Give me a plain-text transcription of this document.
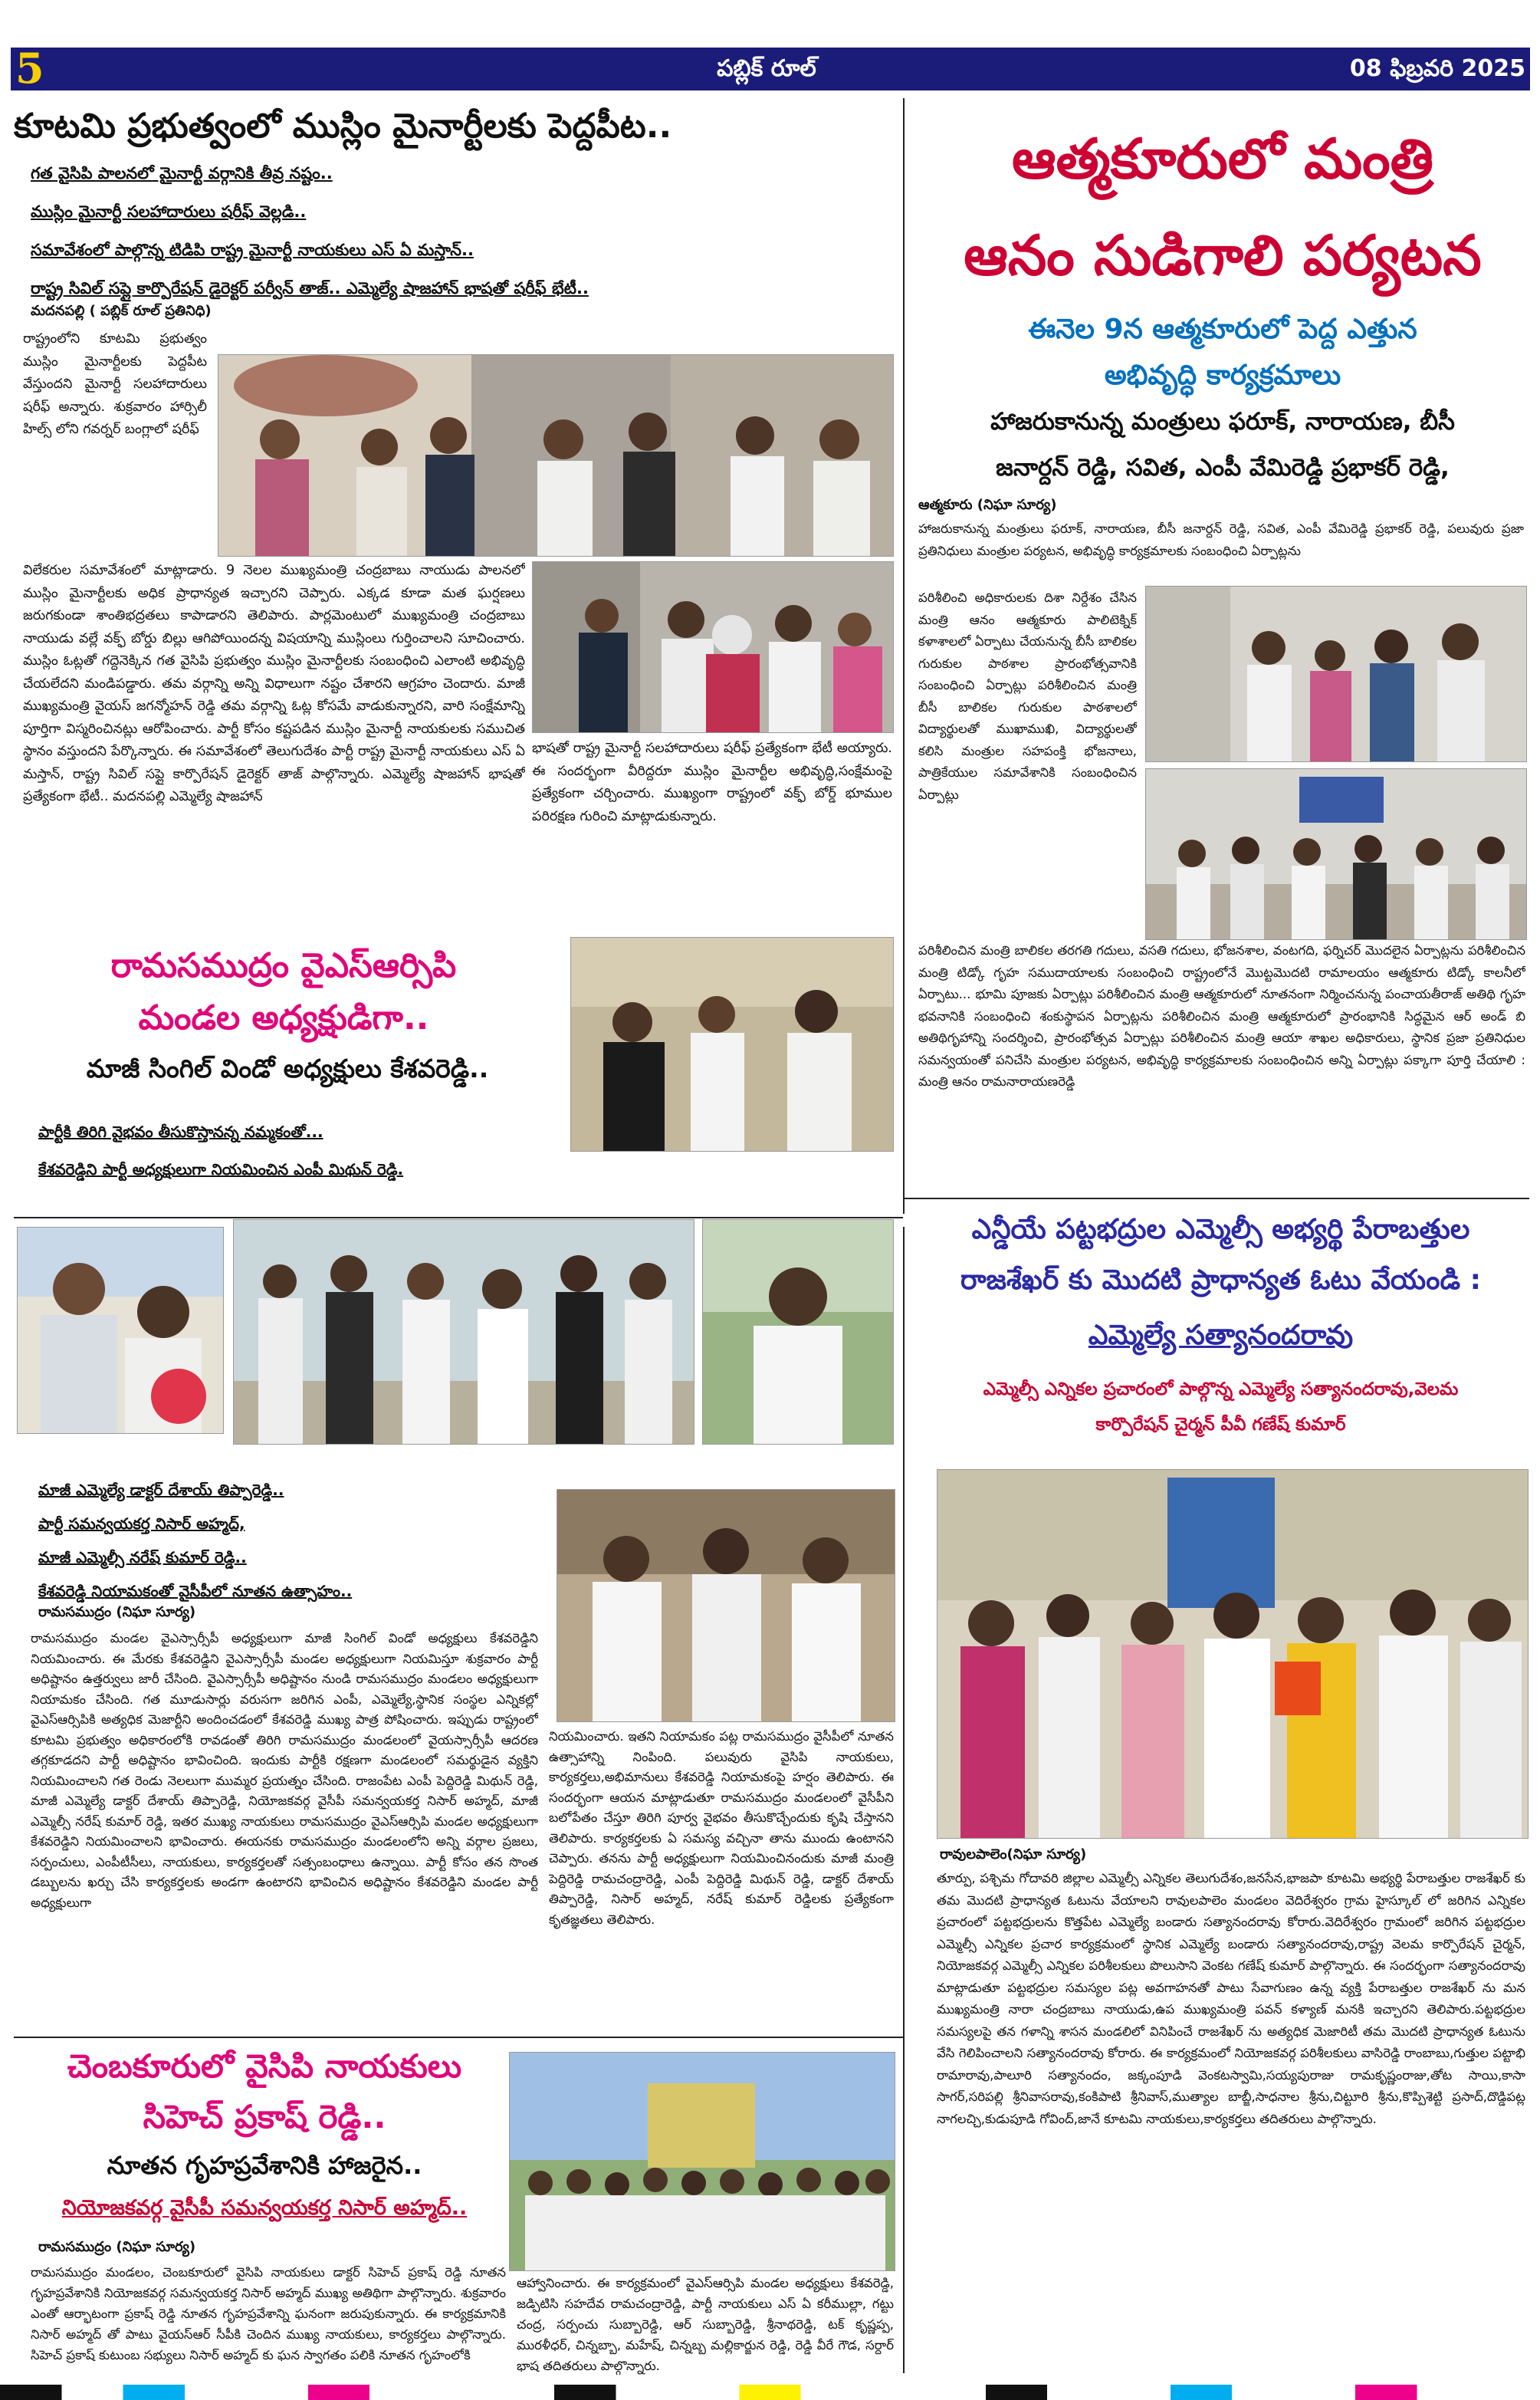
5	పబ్లిక్ రూల్	08 ఫిబ్రవరి 2025
కూటమి ప్రభుత్వంలో ముస్లిం మైనార్టీలకు పెద్దపీట..

గత వైసిపి పాలనలో మైనార్టీ వర్గానికి తీవ్ర నష్టం..

ముస్లిం మైనార్టీ సలహాదారులు షరీఫ్ వెల్లడి..

సమావేశంలో పాల్గొన్న టిడిపి రాష్ట్ర మైనార్టీ నాయకులు ఎస్ ఏ మస్తాన్..

రాష్ట్ర సివిల్ సప్లై కార్పొరేషన్ డైరెక్టర్ పర్వీన్ తాజ్.. ఎమ్మెల్యే షాజహాన్ భాషతో షరీఫ్ భేటీ..

మదనపల్లి ( పబ్లిక్ రూల్ ప్రతినిధి)

రాష్ట్రంలోని కూటమి ప్రభుత్వం ముస్లిం మైనార్టీలకు పెద్దపీట వేస్తుందని మైనార్టీ సలహాదారులు షరీఫ్ అన్నారు. శుక్రవారం హార్సిలీ హిల్స్ లోని గవర్నర్ బంగ్లాలో షరీఫ్

విలేకరుల సమావేశంలో మాట్లాడారు. 9 నెలల ముఖ్యమంత్రి చంద్రబాబు నాయుడు పాలనలో ముస్లిం మైనార్టీలకు అధిక ప్రాధాన్యత ఇచ్చారని చెప్పారు. ఎక్కడ కూడా మత ఘర్షణలు జరుగకుండా శాంతిభద్రతలు కాపాడారని తెలిపారు. పార్లమెంటులో ముఖ్యమంత్రి చంద్రబాబు నాయుడు వల్లే వక్ఫ్ బోర్డు బిల్లు ఆగిపోయిందన్న విషయాన్ని ముస్లింలు గుర్తించాలని సూచించారు. ముస్లిం ఓట్లతో గద్దెనెక్కిన గత వైసిపి ప్రభుత్వం ముస్లిం మైనార్టీలకు సంబంధించి ఎలాంటి అభివృద్ధి చేయలేదని మండిపడ్డారు. తమ వర్గాన్ని అన్ని విధాలుగా నష్టం చేశారని ఆగ్రహం చెందారు. మాజీ ముఖ్యమంత్రి వైయస్ జగన్మోహన్ రెడ్డి తమ వర్గాన్ని ఓట్ల కోసమే వాడుకున్నారని, వారి సంక్షేమాన్ని పూర్తిగా విస్మరించినట్లు ఆరోపించారు. పార్టీ కోసం కష్టపడిన ముస్లిం మైనార్టీ నాయకులకు సముచిత స్థానం వస్తుందని పేర్కొన్నారు. ఈ సమావేశంలో తెలుగుదేశం పార్టీ రాష్ట్ర మైనార్టీ నాయకులు ఎస్ ఏ మస్తాన్, రాష్ట్ర సివిల్ సప్లై కార్పొరేషన్ డైరెక్టర్ తాజ్ పాల్గొన్నారు. ఎమ్మెల్యే షాజహాన్ భాషతో ప్రత్యేకంగా భేటీ.. మదనపల్లి ఎమ్మెల్యే షాజహాన్

భాషతో రాష్ట్ర మైనార్టీ సలహాదారులు షరీఫ్ ప్రత్యేకంగా భేటీ అయ్యారు. ఈ సందర్భంగా వీరిద్దరూ ముస్లిం మైనార్టీల అభివృద్ధి,సంక్షేమంపై ప్రత్యేకంగా చర్చించారు. ముఖ్యంగా రాష్ట్రంలో వక్ఫ్ బోర్డ్ భూముల పరిరక్షణ గురించి మాట్లాడుకున్నారు.

రామసముద్రం వైఎస్ఆర్సిపి
మండల అధ్యక్షుడిగా..
మాజీ సింగిల్ విండో అధ్యక్షులు కేశవరెడ్డి..

పార్టీకి తిరిగి వైభవం తీసుకొస్తానన్న నమ్మకంతో...

కేశవరెడ్డిని పార్టీ అధ్యక్షులుగా నియమించిన ఎంపీ మిథున్ రెడ్డి.

మాజీ ఎమ్మెల్యే డాక్టర్ దేశాయ్ తిప్పారెడ్డి..

పార్టీ సమన్వయకర్త నిసార్ అహ్మద్,

మాజీ ఎమ్మెల్సీ నరేష్ కుమార్ రెడ్డి..

కేశవరెడ్డి నియామకంతో వైసీపీలో నూతన ఉత్సాహం..

రామసముద్రం (నిఘా సూర్య)

రామసముద్రం మండల వైఎస్సార్సీపీ అధ్యక్షులుగా మాజీ సింగిల్ విండో అధ్యక్షులు కేశవరెడ్డిని నియమించారు. ఈ మేరకు కేశవరెడ్డిని వైఎస్సార్సీపీ మండల అధ్యక్షులుగా నియమిస్తూ శుక్రవారం పార్టీ అధిష్టానం ఉత్తర్వులు జారీ చేసింది. వైఎస్సార్సీపీ అధిష్టానం నుండి రామసముద్రం మండలం అధ్యక్షులుగా నియామకం చేసింది. గత మూడుసార్లు వరుసగా జరిగిన ఎంపీ, ఎమ్మెల్యే,స్థానిక సంస్థల ఎన్నికల్లో వైఎస్ఆర్సిపికి అత్యధిక మెజార్టీని అందించడంలో కేశవరెడ్డి ముఖ్య పాత్ర పోషించారు. ఇప్పుడు రాష్ట్రంలో కూటమి ప్రభుత్వం అధికారంలోకి రావడంతో తిరిగి రామసముద్రం మండలంలో వైయస్సార్సీపీ ఆదరణ తగ్గకూడదని పార్టీ అధిష్టానం భావించింది. ఇందుకు పార్టీకి రక్షణగా మండలంలో సమర్థుడైన వ్యక్తిని నియమించాలని గత రెండు నెలలుగా ముమ్మర ప్రయత్నం చేసింది. రాజంపేట ఎంపీ పెద్దిరెడ్డి మిథున్ రెడ్డి, మాజీ ఎమ్మెల్యే డాక్టర్ దేశాయ్ తిప్పారెడ్డి, నియోజకవర్గ వైసీపీ సమన్వయకర్త నిసార్ అహ్మద్, మాజీ ఎమ్మెల్సీ నరేష్ కుమార్ రెడ్డి, ఇతర ముఖ్య నాయకులు రామసముద్రం వైఎస్ఆర్సిపి మండల అధ్యక్షులుగా కేశవరెడ్డిని నియమించాలని భావించారు. ఈయనకు రామసముద్రం మండలంలోని అన్ని వర్గాల ప్రజలు, సర్పంచులు, ఎంపీటీసీలు, నాయకులు, కార్యకర్తలతో సత్సంబంధాలు ఉన్నాయి. పార్టీ కోసం తన సొంత డబ్బులను ఖర్చు చేసి కార్యకర్తలకు అండగా ఉంటారని భావించిన అధిష్టానం కేశవరెడ్డిని మండల పార్టీ అధ్యక్షులుగా

నియమించారు. ఇతని నియామకం పట్ల రామసముద్రం వైసీపీలో నూతన ఉత్సాహాన్ని నింపింది. పలువురు వైసిపి నాయకులు, కార్యకర్తలు,అభిమానులు కేశవరెడ్డి నియామకంపై హర్షం తెలిపారు. ఈ సందర్భంగా ఆయన మాట్లాడుతూ రామసముద్రం మండలంలో వైసీపీని బలోపేతం చేస్తూ తిరిగి పూర్వ వైభవం తీసుకొచ్చేందుకు కృషి చేస్తానని తెలిపారు. కార్యకర్తలకు ఏ సమస్య వచ్చినా తాను ముందు ఉంటానని చెప్పారు. తనను పార్టీ అధ్యక్షులుగా నియమించినందుకు మాజీ మంత్రి పెద్దిరెడ్డి రామచంద్రారెడ్డి, ఎంపీ పెద్దిరెడ్డి మిథున్ రెడ్డి, డాక్టర్ దేశాయ్ తిప్పారెడ్డి, నిసార్ అహ్మద్, నరేష్ కుమార్ రెడ్డిలకు ప్రత్యేకంగా కృతజ్ఞతలు తెలిపారు.

చెంబకూరులో వైసిపి నాయకులు
సిహెచ్ ప్రకాష్ రెడ్డి..
నూతన గృహప్రవేశానికి హాజరైన..
నియోజకవర్గ వైసీపీ సమన్వయకర్త నిసార్ అహ్మద్..
రామసముద్రం (నిఘా సూర్య)

రామసముద్రం మండలం, చెంబకూరులో వైసిపి నాయకులు డాక్టర్ సిహెచ్ ప్రకాష్ రెడ్డి నూతన గృహప్రవేశానికి నియోజకవర్గ సమన్వయకర్త నిసార్ అహ్మద్ ముఖ్య అతిథిగా పాల్గొన్నారు. శుక్రవారం ఎంతో ఆర్భాటంగా ప్రకాష్ రెడ్డి నూతన గృహప్రవేశాన్ని ఘనంగా జరుపుకున్నారు. ఈ కార్యక్రమానికి నిసార్ అహ్మద్ తో పాటు వైయస్ఆర్ సీపీకి చెందిన ముఖ్య నాయకులు, కార్యకర్తలు పాల్గొన్నారు. సిహెచ్ ప్రకాష్ కుటుంబ సభ్యులు నిసార్ అహ్మద్ కు ఘన స్వాగతం పలికి నూతన గృహంలోకి

ఆహ్వానించారు. ఈ కార్యక్రమంలో వైఎస్ఆర్సిపి మండల అధ్యక్షులు కేశవరెడ్డి, జడ్పిటిసి సహదేవ రామచంద్రారెడ్డి, పార్టీ నాయకులు ఎస్ ఏ కరీముల్లా, గట్టు చంద్ర, సర్పంచు సుబ్బారెడ్డి, ఆర్ సుబ్బారెడ్డి, శ్రీనాథరెడ్డి, టక్ కృష్ణప్ప, మురళీధర్, చిన్నబ్బా, మహేష్, చిన్నబ్బ మల్లికార్జున రెడ్డి, రెడ్డి వీరే గౌడ, సర్దార్ భాష తదితరులు పాల్గొన్నారు.

ఆత్మకూరులో మంత్రి
ఆనం సుడిగాలి పర్యటన
ఈనెల 9న ఆత్మకూరులో పెద్ద ఎత్తున
అభివృద్ధి కార్యక్రమాలు
హాజరుకానున్న మంత్రులు ఫరూక్, నారాయణ, బీసీ
జనార్దన్ రెడ్డి, సవిత, ఎంపీ వేమిరెడ్డి ప్రభాకర్ రెడ్డి,
ఆత్మకూరు (నిఘా సూర్య)

హాజరుకానున్న మంత్రులు ఫరూక్, నారాయణ, బీసీ జనార్దన్ రెడ్డి, సవిత, ఎంపీ వేమిరెడ్డి ప్రభాకర్ రెడ్డి, పలువురు ప్రజా ప్రతినిధులు మంత్రుల పర్యటన, అభివృద్ధి కార్యక్రమాలకు సంబంధించి ఏర్పాట్లను

పరిశీలించి అధికారులకు దిశా నిర్దేశం చేసిన మంత్రి ఆనం ఆత్మకూరు పాలిటెక్నిక్ కళాశాలలో ఏర్పాటు చేయనున్న బీసీ బాలికల గురుకుల పాఠశాల ప్రారంభోత్సవానికి సంబంధించి ఏర్పాట్లు పరిశీలించిన మంత్రి బీసీ బాలికల గురుకుల పాఠశాలలో విద్యార్థులతో ముఖాముఖి, విద్యార్థులతో కలిసి మంత్రుల సహపంక్తి భోజనాలు, పాత్రికేయుల సమావేశానికి సంబంధించిన ఏర్పాట్లు

పరిశీలించిన మంత్రి బాలికల తరగతి గదులు, వసతి గదులు, భోజనశాల, వంటగది, ఫర్నిచర్ మొదలైన ఏర్పాట్లను పరిశీలించిన మంత్రి టిడ్కో గృహ సముదాయాలకు సంబంధించి రాష్ట్రంలోనే మొట్టమొదటి రామాలయం ఆత్మకూరు టిడ్కో కాలనీలో ఏర్పాటు... భూమి పూజకు ఏర్పాట్లు పరిశీలించిన మంత్రి ఆత్మకూరులో నూతనంగా నిర్మించనున్న పంచాయతీరాజ్ అతిథి గృహ భవనానికి సంబంధించి శంకుస్థాపన ఏర్పాట్లను పరిశీలించిన మంత్రి ఆత్మకూరులో ప్రారంభానికి సిద్ధమైన ఆర్ అండ్ బి అతిథిగృహాన్ని సందర్శించి, ప్రారంభోత్సవ ఏర్పాట్లు పరిశీలించిన మంత్రి ఆయా శాఖల అధికారులు, స్థానిక ప్రజా ప్రతినిధుల సమన్వయంతో పనిచేసి మంత్రుల పర్యటన, అభివృద్ధి కార్యక్రమాలకు సంబంధించిన అన్ని ఏర్పాట్లు పక్కాగా పూర్తి చేయాలి : మంత్రి ఆనం రామనారాయణరెడ్డి

ఎన్డీయే పట్టభద్రుల ఎమ్మెల్సీ అభ్యర్థి పేరాబత్తుల
రాజశేఖర్ కు మొదటి ప్రాధాన్యత ఓటు వేయండి :
ఎమ్మెల్యే సత్యానందరావు
ఎమ్మెల్సీ ఎన్నికల ప్రచారంలో పాల్గొన్న ఎమ్మెల్యే సత్యానందరావు,వెలమ
కార్పొరేషన్ చైర్మన్ పీవీ గణేష్ కుమార్
రావులపాలెం(నిఘా సూర్య)

తూర్పు, పశ్చిమ గోదావరి జిల్లాల ఎమ్మెల్సీ ఎన్నికల తెలుగుదేశం,జనసేన,భాజపా కూటమి అభ్యర్థి పేరాబత్తుల రాజశేఖర్ కు తమ మొదటి ప్రాధాన్యత ఓటును వేయాలని రావులపాలెం మండలం వెదిరేశ్వరం గ్రామ హైస్కూల్ లో జరిగిన ఎన్నికల ప్రచారంలో పట్టభద్రులను కొత్తపేట ఎమ్మెల్యే బండారు సత్యానందరావు కోరారు.వెదిరేశ్వరం గ్రామంలో జరిగిన పట్టభద్రుల ఎమ్మెల్సీ ఎన్నికల ప్రచార కార్యక్రమంలో స్థానిక ఎమ్మెల్యే బండారు సత్యానందరావు,రాష్ట్ర వెలమ కార్పొరేషన్ చైర్మన్, నియోజకవర్గ ఎమ్మెల్సీ ఎన్నికల పరిశీలకులు పొలుసాని వెంకట గణేష్ కుమార్ పాల్గొన్నారు. ఈ సందర్భంగా సత్యానందరావు మాట్లాడుతూ పట్టభద్రుల సమస్యల పట్ల అవగాహనతో పాటు సేవాగుణం ఉన్న వ్యక్తి పేరాబత్తుల రాజశేఖర్ ను మన ముఖ్యమంత్రి నారా చంద్రబాబు నాయుడు,ఉప ముఖ్యమంత్రి పవన్ కళ్యాణ్ మనకి ఇచ్చారని తెలిపారు.పట్టభద్రుల సమస్యలపై తన గళాన్ని శాసన మండలిలో వినిపించే రాజశేఖర్ ను అత్యధిక మెజారిటీ తమ మొదటి ప్రాధాన్యత ఓటును వేసి గెలిపించాలని సత్యానందరావు కోరారు. ఈ కార్యక్రమంలో నియోజకవర్గ పరిశీలకులు వాసిరెడ్డి రాంబాబు,గుత్తుల పట్టాభి రామారావు,పాలూరి సత్యానందం, జక్కంపూడి వెంకటస్వామి,సయ్యపురాజు రామకృష్ణంరాజు,తోట సాయి,కాసా సాగర్,సరిపల్లి శ్రీనివాసరావు,కంకిపాటి శ్రీనివాస్,ముత్యాల బాబ్జీ,సాధనాల శ్రీను,చిట్టూరి శ్రీను,కొప్పిశెట్టి ప్రసాద్,దొడ్డిపట్ల నాగలచ్చి,కుడుపూడి గోవింద్,జానే కూటమి నాయకులు,కార్యకర్తలు తదితరులు పాల్గొన్నారు.
